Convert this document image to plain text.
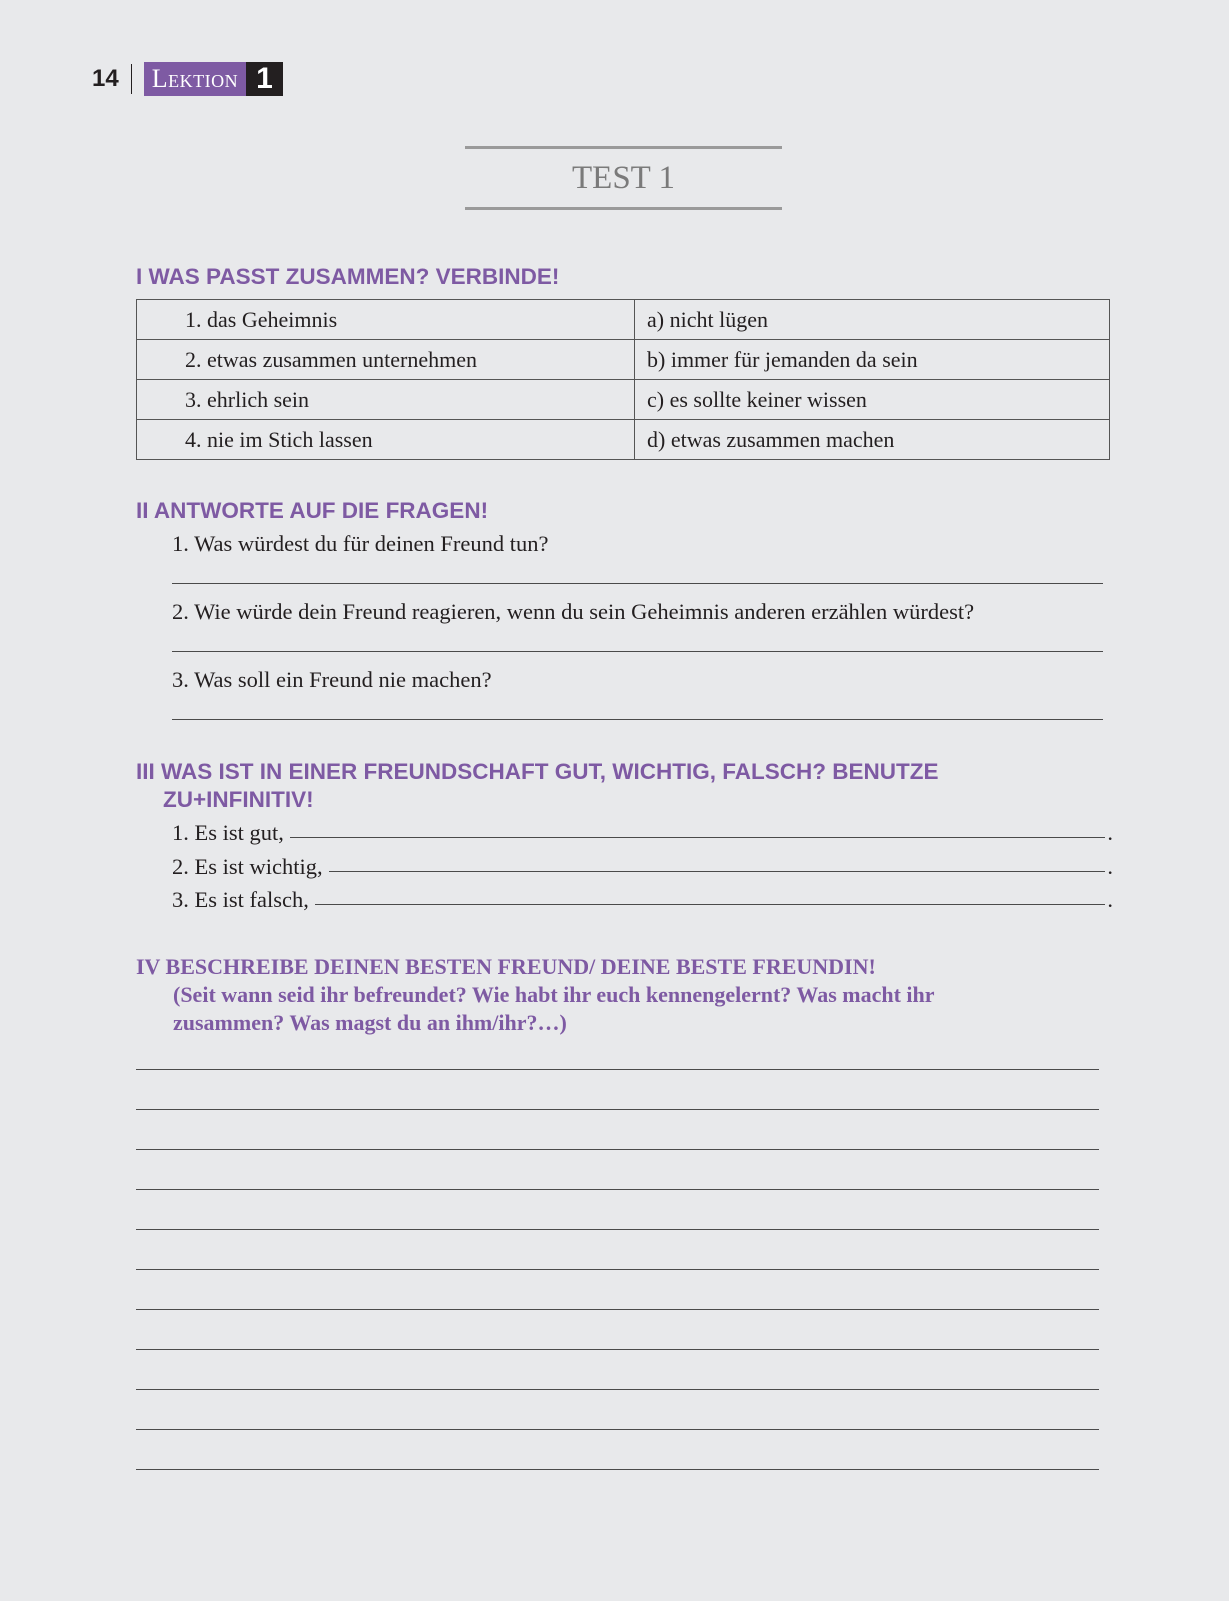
14	Lektion 1
TEST 1
I WAS PASST ZUSAMMEN? VERBINDE!
1. das Geheimnis	a) nicht lügen
2. etwas zusammen unternehmen	b) immer für jemanden da sein
3. ehrlich sein	c) es sollte keiner wissen
4. nie im Stich lassen	d) etwas zusammen machen
II ANTWORTE AUF DIE FRAGEN!
1. Was würdest du für deinen Freund tun?
2. Wie würde dein Freund reagieren, wenn du sein Geheimnis anderen erzählen würdest?
3. Was soll ein Freund nie machen?
III WAS IST IN EINER FREUNDSCHAFT GUT, WICHTIG, FALSCH? BENUTZE
ZU+INFINITIV!
1. Es ist gut,	.
2. Es ist wichtig,	.
3. Es ist falsch,	.
IV BESCHREIBE DEINEN BESTEN FREUND/ DEINE BESTE FREUNDIN!
(Seit wann seid ihr befreundet? Wie habt ihr euch kennengelernt? Was macht ihr
zusammen? Was magst du an ihm/ihr?…)
